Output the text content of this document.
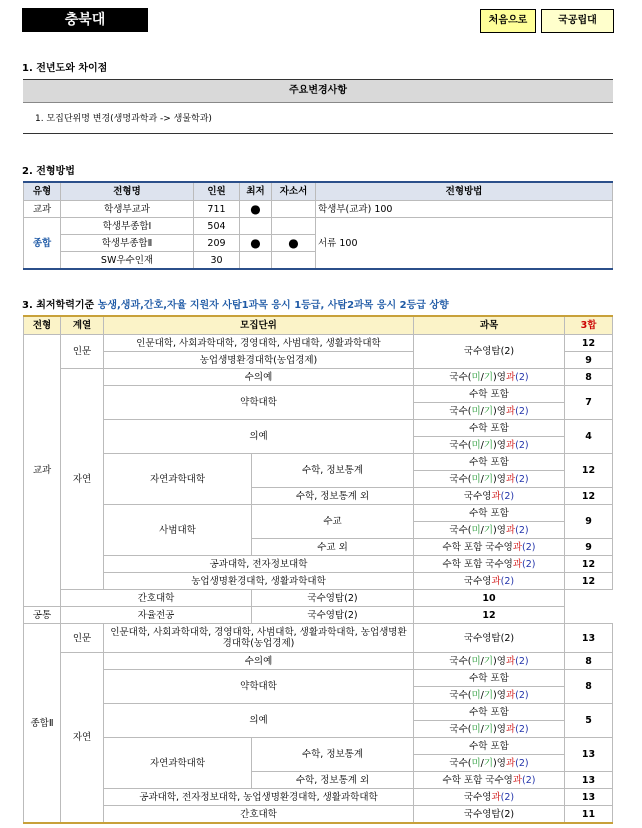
충북대	처음으로	국공립대
1. 전년도와 차이점
주요변경사항
1. 모집단위명 변경(생명과학과 -> 생물학과)
2. 전형방법
유형	전형명	인원	최저	자소서	전형방법
교과	학생부교과	711	●		학생부(교과) 100
종합	학생부종합Ⅰ	504			서류 100
	학생부종합Ⅱ	209	●	●	
	SW우수인재	30			
3. 최저학력기준 농생,생과,간호,자율 지원자 사탐1과목 응시 1등급, 사탐2과목 응시 2등급 상향
전형	계열	모집단위		과목	3합
교과	인문	인문대학, 사회과학대학, 경영대학, 사범대학, 생활과학대학		국수영탐(2)	12
		농업생명환경대학(농업경제)			9
	자연	수의예		국수(미/기)영과(2)	8
		약학대학		수학 포함	7
				국수(미/기)영과(2)	
		의예		수학 포함	4
				국수(미/기)영과(2)	
		자연과학대학	수학, 정보통계	수학 포함	12
				국수(미/기)영과(2)	
			수학, 정보통계 외	국수영과(2)	12
		사범대학	수교	수학 포함	9
				국수(미/기)영과(2)	
			수교 외	수학 포함 국수영과(2)	9
		공과대학, 전자정보대학		수학 포함 국수영과(2)	12
		농업생명환경대학, 생활과학대학		국수영과(2)	12
	간호대학		국수영탐(2)	10	
공통	자율전공		국수영탐(2)	12	
종합Ⅱ	인문	인문대학, 사회과학대학, 경영대학, 사범대학, 생활과학대학, 농업생명환경대학(농업경제)		국수영탐(2)	13
	자연	수의예		국수(미/기)영과(2)	8
		약학대학		수학 포함	8
				국수(미/기)영과(2)	
		의예		수학 포함	5
				국수(미/기)영과(2)	
		자연과학대학	수학, 정보통계	수학 포함	13
				국수(미/기)영과(2)	
			수학, 정보통계 외	수학 포함 국수영과(2)	13
		공과대학, 전자정보대학, 농업생명환경대학, 생활과학대학		국수영과(2)	13
		간호대학		국수영탐(2)	11
